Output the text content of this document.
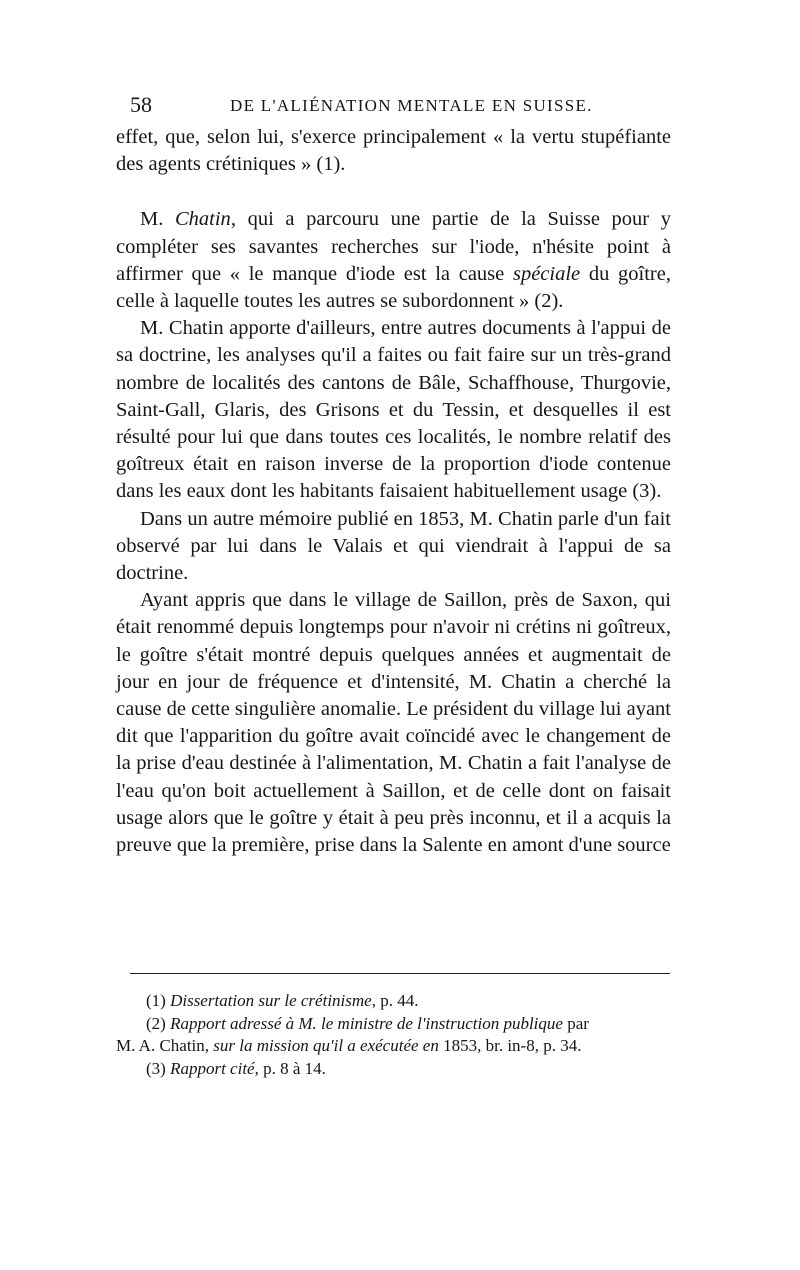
58	DE L'ALIÉNATION MENTALE EN SUISSE.

effet, que, selon lui, s'exerce principalement « la vertu stupéfiante des agents crétiniques » (1).

M. Chatin, qui a parcouru une partie de la Suisse pour y compléter ses savantes recherches sur l'iode, n'hésite point à affirmer que « le manque d'iode est la cause spéciale du goître, celle à laquelle toutes les autres se subordonnent » (2).

M. Chatin apporte d'ailleurs, entre autres documents à l'appui de sa doctrine, les analyses qu'il a faites ou fait faire sur un très-grand nombre de localités des cantons de Bâle, Schaffhouse, Thurgovie, Saint-Gall, Glaris, des Grisons et du Tessin, et desquelles il est résulté pour lui que dans toutes ces localités, le nombre relatif des goîtreux était en raison inverse de la proportion d'iode contenue dans les eaux dont les habitants faisaient habituellement usage (3).

Dans un autre mémoire publié en 1853, M. Chatin parle d'un fait observé par lui dans le Valais et qui viendrait à l'appui de sa doctrine.

Ayant appris que dans le village de Saillon, près de Saxon, qui était renommé depuis longtemps pour n'avoir ni crétins ni goîtreux, le goître s'était montré depuis quelques années et augmentait de jour en jour de fréquence et d'intensité, M. Chatin a cherché la cause de cette singulière anomalie. Le président du village lui ayant dit que l'apparition du goître avait coïncidé avec le changement de la prise d'eau destinée à l'alimentation, M. Chatin a fait l'analyse de l'eau qu'on boit actuellement à Saillon, et de celle dont on faisait usage alors que le goître y était à peu près inconnu, et il a acquis la preuve que la première, prise dans la Salente en amont d'une source

(1) Dissertation sur le crétinisme, p. 44.

(2) Rapport adressé à M. le ministre de l'instruction publique par

M. A. Chatin, sur la mission qu'il a exécutée en 1853, br. in-8, p. 34.

(3) Rapport cité, p. 8 à 14.
